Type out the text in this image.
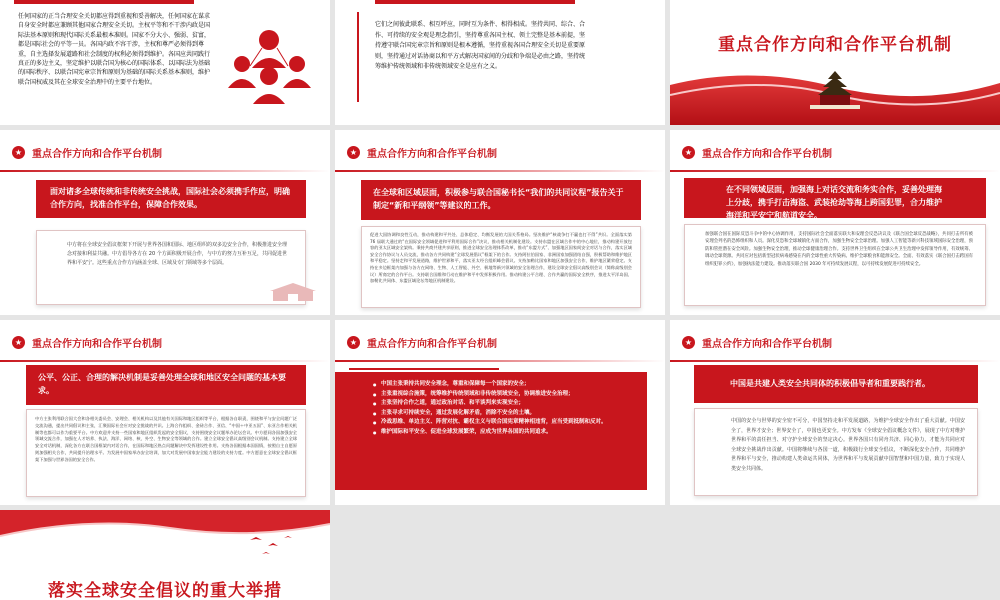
任何国家的正当合理安全关切都应得到重视和妥善解决，任何国家在谋求自身安全时都应兼顾其他国家合理安全关切。主权平等和不干涉内政是国际法基本原则和现代国际关系最根本准则。国家不分大小、强弱、贫富，都是国际社会的平等一员。各国内政不容干涉，主权和尊严必须得到尊重，自主选择发展道路和社会制度的权利必须得到维护。各国应共同践行真正的多边主义，坚定维护以联合国为核心的国际体系、以国际法为基础的国际秩序、以联合国宪章宗旨和原则为基础的国际关系基本准则，维护联合国权威及其在全球安全治理中的主要平台地位。
它们之间彼此联系、相互呼应，同时互为条件、相得相成。坚持共同、综合、合作、可持续的安全观是理念指引，坚持尊重各国主权、领土完整是基本前提，坚持遵守联合国宪章宗旨和原则是根本遵循，坚持重视各国合理安全关切是重要原则，坚持通过对话协商以和平方式解决国家间的分歧和争端是必由之路，坚持统筹维护传统领域和非传统领域安全是应有之义。
重点合作方向和合作平台机制
★ 重点合作方向和合作平台机制
面对诸多全球传统和非传统安全挑战，国际社会必须携手作应，明确合作方向，找准合作平台，保障合作效果。
中方将在全球安全倡议框架下开展与世界各国和国际、地区组织的双多边安全合作，积极推进安全理念对接和利益共融。中方倡导各方在 20 个方面积极开展合作，与中方的努力互补互足，共同促进世界和平安宁。这些重点合作方向涵盖全球、区域及专门领域等多个层面。
★ 重点合作方向和合作平台机制
在全球和区域层面，积极参与联合国秘书长“我们的共同议程”报告关于制定“新和平纲领”等建议的工作。
促进大国协调和良性互动，推动构建和平共处、总体稳定、均衡发展的大国关系格局。坚决维护“核战争打不赢也打不得”共识。全面落实第 76 届联大通过的“在国际安全领域促进和平利用国际合作”决议，推动相关机制化建设。支持东盟在区域合作中的中心地位，推动构建开放包容的亚太区域安全架构。秉持共商共建共享原则，推进全球安全治理体系改革，推动“东盟方式”、加强地区国家间安全对话与合作，落实区域安全合作协议与人员交流，推动各方共同构建“全球发展倡议”框架下的合作。支持阿拉伯国家、非洲国家加强团结自强，积极帮助和维护地区和平稳定。坚持走和平发展道路，维护世界和平，落实亚太经合组织峰会倡议。支持加勒比国家和地区加强安全合作，维护地区繁荣稳定。支持在多边框架内加强与各方在网络、生物、人工智能、外空、极地等新兴领域的安全治理合作，建设全球安全倡议高级别会议（简称高级别会议）所商定的合作平台。支持联合国维和行动在维护和平中发挥积极作用。推动构建公平合理、合作共赢的国际安全秩序，推进太平洋岛国、加勒比共同体、东盟区域论坛等地区机制建设。
★ 重点合作方向和合作平台机制
在不同领域层面，加强海上对话交流和务实合作，妥善处理海上分歧，携手打击海盗、武装抢劫等海上跨国犯罪，合力维护海洋和平安宁和航道安全。
加强联合国在国际反恐斗争中的中心协调作用，支持国际社会全面落实联大和安理会反恐决议及《联合国全球反恐战略》，共同打击所有被安理会列名的恐怖组织和人员。深化反恐和全球城镇化方面合作，加强生物安全全球治理。加强人工智能等新兴科技领域国际安全治理，预防和管控潜在安全风险。加强生物安全治理，推动全球健康治理合作。支持世界卫生组织在全球公共卫生治理中发挥领导作用，有效统筹、调动全球资源。共同应对包括新型冠状病毒感染在内的全球性重大传染病。维护全球粮食和能源安全。全面、有效落实《联合国打击跨国有组织犯罪公约》，加强执法能力建设。推动落实联合国 2030 年可持续发展议程，以可持续发展促进可持续安全。
★ 重点合作方向和合作平台机制
公平、公正、合理的解决机制是妥善处理全球和地区安全问题的基本要求。
中方主张利用联合国大会和各相关委员会、安理会、相关机构以及其他有关国际和地区组织等平台，根据各自职责，围绕和平与安全问题广泛交流沟通，提出共同倡议和主张，汇聚国际社会应对安全挑战的共识。上海合作组织、金砖合作、亚信、“中国＋中亚五国”、东亚合作相关机制等也都可以作为重要平台。中方欢迎并支持一些国家和地区组织发起的安全倡议，支持围绕安全议题举办论坛会议。中方愿同各国加强安全领域交流合作，加强在人才培养、执法、海洋、网络、核、外空、生物安全等领域的合作。建立全球安全倡议高级别会议机制。支持建立全球安全对话机制，深化各方在联合国框架内对话合作，在国际和地区热点问题解决中发挥建设性作用。支持各国根据本国国情，按照自主自愿原则加强相关合作，共同提升治理水平。为发展中国家举办安全培训，加大对发展中国家安全能力建设的支持力度。中方愿意在全球安全倡议框架下加强与世界各国的安全合作。
★ 重点合作方向和合作平台机制
● 中国主张秉持共同安全理念，尊重和保障每一个国家的安全；
● 主张重视综合施策，统筹维护传统领域和非传统领域安全，协调推进安全治理；
● 主张坚持合作之道，通过政治对话、和平谈判来实现安全；
● 主张寻求可持续安全，通过发展化解矛盾，消除不安全的土壤。
● 冷战思维、单边主义、阵营对抗、霸权主义与联合国宪章精神相违背，应当受到抵制和反对。
● 维护国际和平安全、促进全球发展繁荣，应成为世界各国的共同追求。
★ 重点合作方向和合作平台机制
中国是共建人类安全共同体的积极倡导者和重要践行者。
中国的安全与世界的安全密不可分，中国坚持走和平发展道路，为维护全球安全作出了重大贡献。中国安全了，世界才安全；世界安全了，中国也更安全。中方发布《全球安全倡议概念文件》，展现了中方对维护世界和平的责任担当、对守护全球安全的坚定决心。世界各国只有同舟共济、同心协力，才能为共同应对全球安全挑战作出贡献。中国将继续与各国一道，积极践行全球安全倡议，不断深化安全合作，共同维护世界和平与安全，推动构建人类命运共同体，为世界和平与发展贡献中国智慧和中国力量，致力于实现人类安全共同体。
落实全球安全倡议的重大举措
